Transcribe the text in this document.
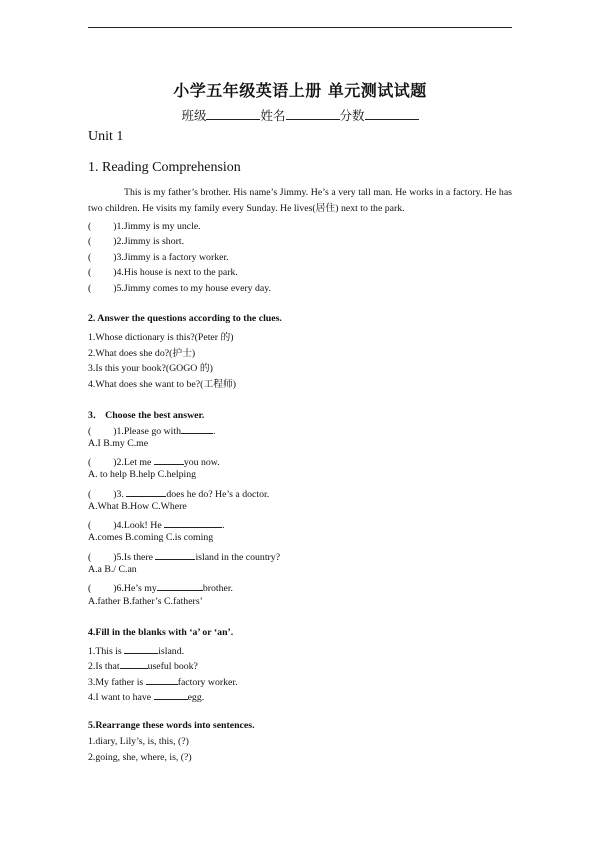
小学五年级英语上册 单元测试试题
班级	姓名	分数
Unit 1
1. Reading Comprehension
This is my father’s brother. His name’s Jimmy. He’s a very tall man. He works in a factory. He has two children. He visits my family every Sunday. He lives(居住) next to the park.
( )1.Jimmy is my uncle.
( )2.Jimmy is short.
( )3.Jimmy is a factory worker.
( )4.His house is next to the park.
( )5.Jimmy comes to my house every day.
2. Answer the questions according to the clues.
1.Whose dictionary is this?(Peter 的)
2.What does she do?(护士)
3.Is this your book?(GOGO 的)
4.What does she want to be?(工程师)
3． Choose the best answer.
( )1.Please go with	.
A.I B.my C.me
( )2.Let me	you now.
A. to help B.help C.helping
( )3.	does he do? He’s a doctor.
A.What B.How C.Where
( )4.Look! He	.
A.comes B.coming C.is coming
( )5.Is there	island in the country?
A.a B./ C.an
( )6.He’s my	brother.
A.father B.father’s C.fathers’
4.Fill in the blanks with ‘a’ or ‘an’.
1.This is	island.
2.Is that	useful book?
3.My father is	factory worker.
4.I want to have	egg.
5.Rearrange these words into sentences.
1.diary, Lily’s, is, this, (?)
2.going, she, where, is, (?)
